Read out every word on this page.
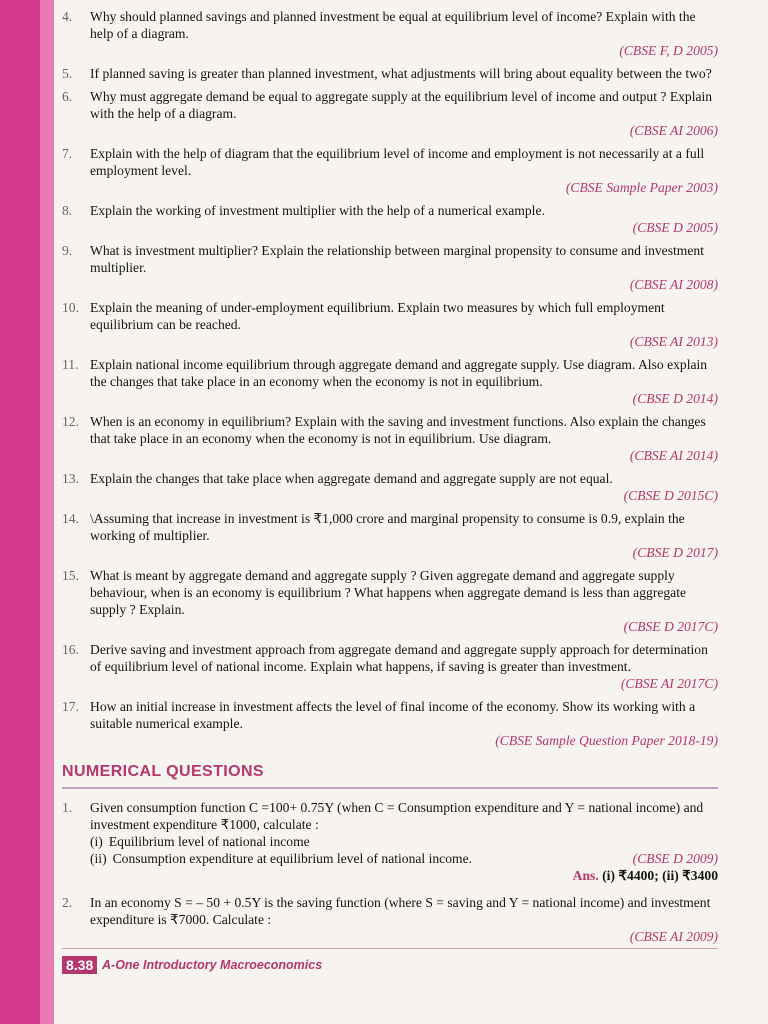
4.	Why should planned savings and planned investment be equal at equilibrium level of income? Explain with the help of a diagram.
(CBSE F, D 2005)
5.	If planned saving is greater than planned investment, what adjustments will bring about equality between the two?
6.	Why must aggregate demand be equal to aggregate supply at the equilibrium level of income and output ? Explain with the help of a diagram.
(CBSE AI 2006)
7.	Explain with the help of diagram that the equilibrium level of income and employment is not necessarily at a full employment level.
(CBSE Sample Paper 2003)
8.	Explain the working of investment multiplier with the help of a numerical example.
(CBSE D 2005)
9.	What is investment multiplier? Explain the relationship between marginal propensity to consume and investment multiplier.
(CBSE AI 2008)
10. Explain the meaning of under-employment equilibrium. Explain two measures by which full employment equilibrium can be reached.
(CBSE AI 2013)
11. Explain national income equilibrium through aggregate demand and aggregate supply. Use diagram. Also explain the changes that take place in an economy when the economy is not in equilibrium.
(CBSE D 2014)
12. When is an economy in equilibrium? Explain with the saving and investment functions. Also explain the changes that take place in an economy when the economy is not in equilibrium. Use diagram.
(CBSE AI 2014)
13. Explain the changes that take place when aggregate demand and aggregate supply are not equal.
(CBSE D 2015C)
14. \Assuming that increase in investment is ₹1,000 crore and marginal propensity to consume is 0.9, explain the working of multiplier.
(CBSE D 2017)
15. What is meant by aggregate demand and aggregate supply ? Given aggregate demand and aggregate supply behaviour, when is an economy is equilibrium ? What happens when aggregate demand is less than aggregate supply ? Explain.
(CBSE D 2017C)
16. Derive saving and investment approach from aggregate demand and aggregate supply approach for determination of equilibrium level of national income. Explain what happens, if saving is greater than investment.
(CBSE AI 2017C)
17. How an initial increase in investment affects the level of final income of the economy. Show its working with a suitable numerical example.
(CBSE Sample Question Paper 2018-19)
NUMERICAL QUESTIONS
1.	Given consumption function C =100+ 0.75Y (when C = Consumption expenditure and Y = national income) and investment expenditure ₹1000, calculate :
(i) Equilibrium level of national income
(ii) Consumption expenditure at equilibrium level of national income.	(CBSE D 2009)
Ans. (i) ₹4400; (ii) ₹3400
2.	In an economy S = – 50 + 0.5Y is the saving function (where S = saving and Y = national income) and investment expenditure is ₹7000. Calculate :
(CBSE AI 2009)
8.38 A-One Introductory Macroeconomics
